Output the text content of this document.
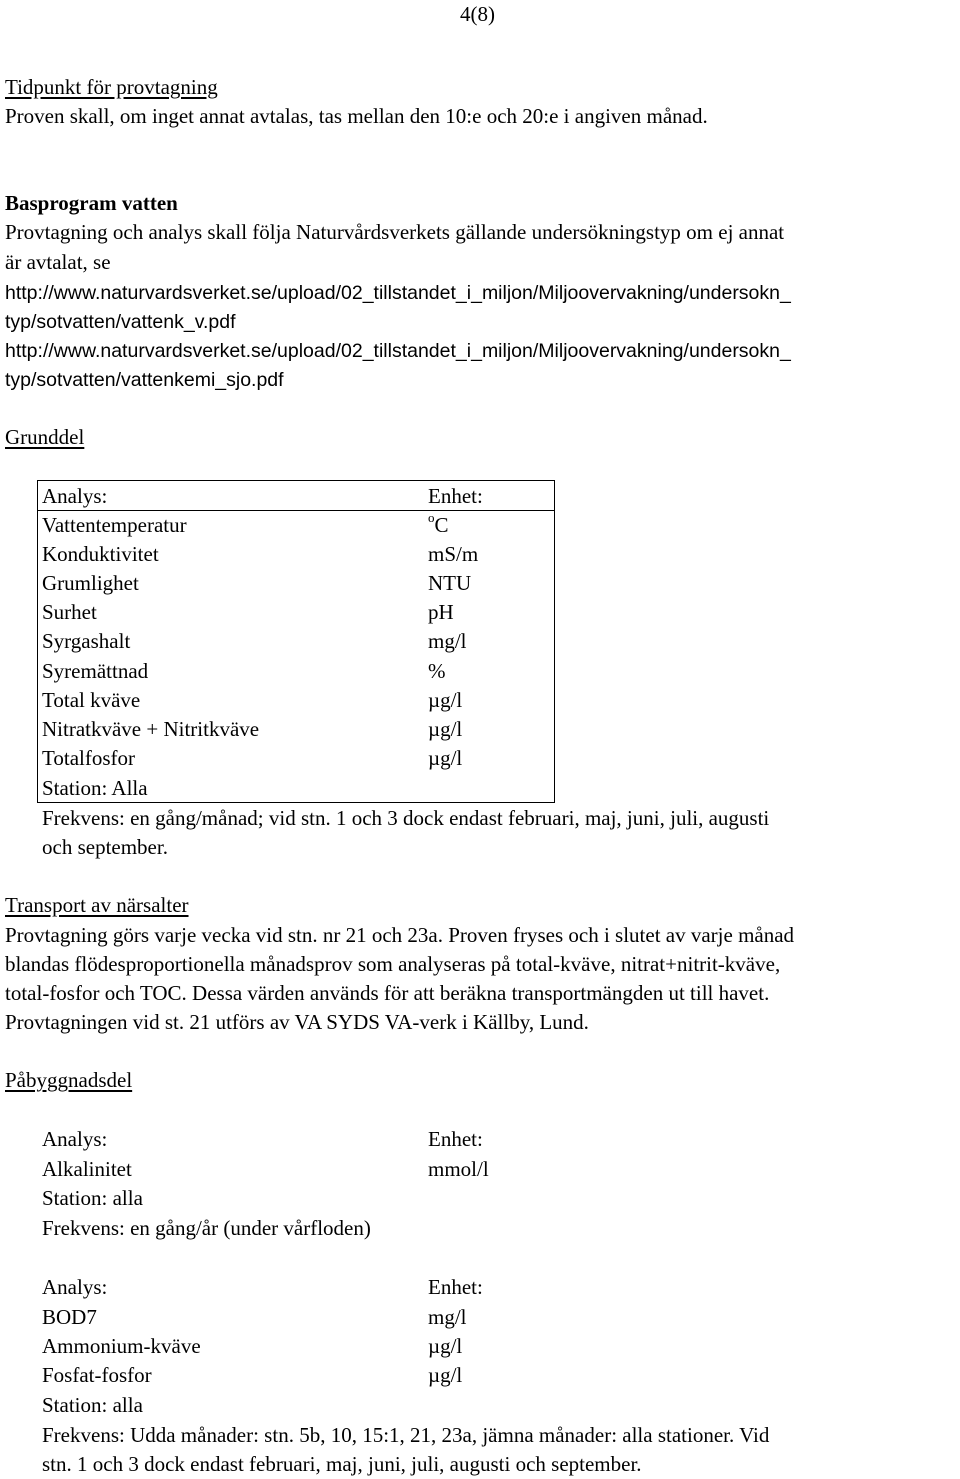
4(8)
Tidpunkt för provtagning
Proven skall, om inget annat avtalas, tas mellan den 10:e och 20:e i angiven månad.
Basprogram vatten
Provtagning och analys skall följa Naturvårdsverkets gällande undersökningstyp om ej annat
är avtalat, se
http://www.naturvardsverket.se/upload/02_tillstandet_i_miljon/Miljoovervakning/undersokn_
typ/sotvatten/vattenk_v.pdf
http://www.naturvardsverket.se/upload/02_tillstandet_i_miljon/Miljoovervakning/undersokn_
typ/sotvatten/vattenkemi_sjo.pdf
Grunddel
Analys:	Enhet:
Vattentemperatur	$^o$C
Konduktivitet	mS/m
Grumlighet	NTU
Surhet	pH
Syrgashalt	mg/l
Syremättnad	%
Total kväve	µg/l
Nitratkväve + Nitritkväve	µg/l
Totalfosfor	µg/l
Station: Alla
Frekvens: en gång/månad; vid stn. 1 och 3 dock endast februari, maj, juni, juli, augusti
och september.
Transport av närsalter
Provtagning görs varje vecka vid stn. nr 21 och 23a. Proven fryses och i slutet av varje månad
blandas flödesproportionella månadsprov som analyseras på total-kväve, nitrat+nitrit-kväve,
total-fosfor och TOC. Dessa värden används för att beräkna transportmängden ut till havet.
Provtagningen vid st. 21 utförs av VA SYDS VA-verk i Källby, Lund.
Påbyggnadsdel
Analys:	Enhet:
Alkalinitet	mmol/l
Station: alla
Frekvens: en gång/år (under vårfloden)
Analys:	Enhet:
BOD7	mg/l
Ammonium-kväve	µg/l
Fosfat-fosfor	µg/l
Station: alla
Frekvens: Udda månader: stn. 5b, 10, 15:1, 21, 23a, jämna månader: alla stationer. Vid
stn. 1 och 3 dock endast februari, maj, juni, juli, augusti och september.
